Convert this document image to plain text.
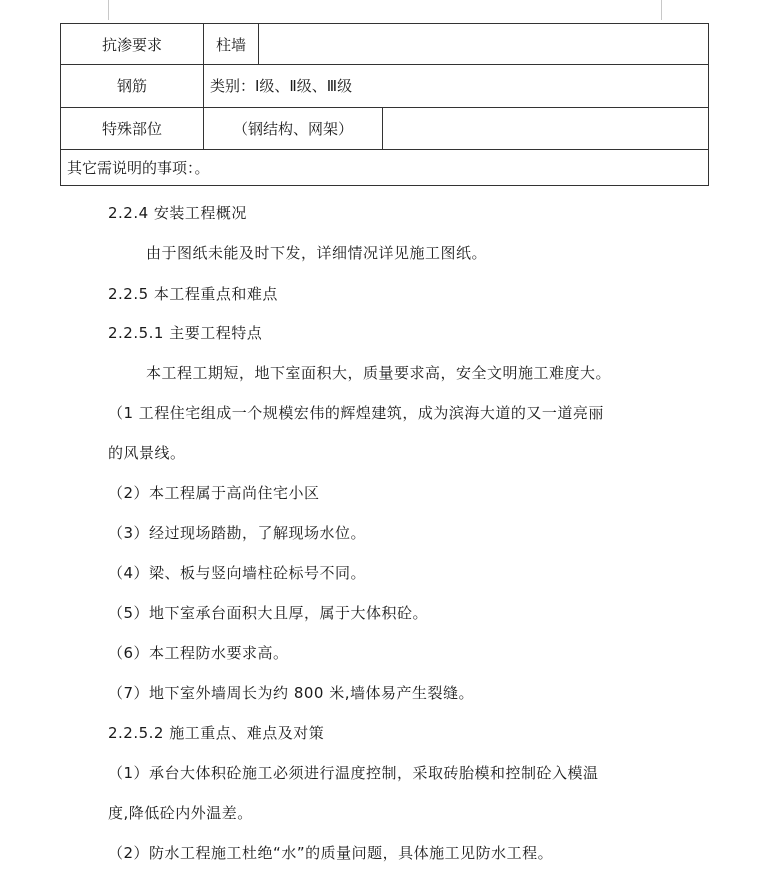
抗渗要求	柱墙

钢筋	类别：Ⅰ级、Ⅱ级、Ⅲ级
特殊部位	（钢结构、网架）

其它需说明的事项：。	
2.2.4 安装工程概况
由于图纸未能及时下发，详细情况详见施工图纸。
2.2.5 本工程重点和难点
2.2.5.1 主要工程特点
本工程工期短，地下室面积大，质量要求高，安全文明施工难度大。
（1 工程住宅组成一个规模宏伟的辉煌建筑，成为滨海大道的又一道亮丽
的风景线。
（2）本工程属于高尚住宅小区
（3）经过现场踏勘，了解现场水位。
（4）梁、板与竖向墙柱砼标号不同。
（5）地下室承台面积大且厚，属于大体积砼。
（6）本工程防水要求高。
（7）地下室外墙周长为约 800 米,墙体易产生裂缝。
2.2.5.2 施工重点、难点及对策
（1）承台大体积砼施工必须进行温度控制，采取砖胎模和控制砼入模温
度,降低砼内外温差。
（2）防水工程施工杜绝“水”的质量问题，具体施工见防水工程。
